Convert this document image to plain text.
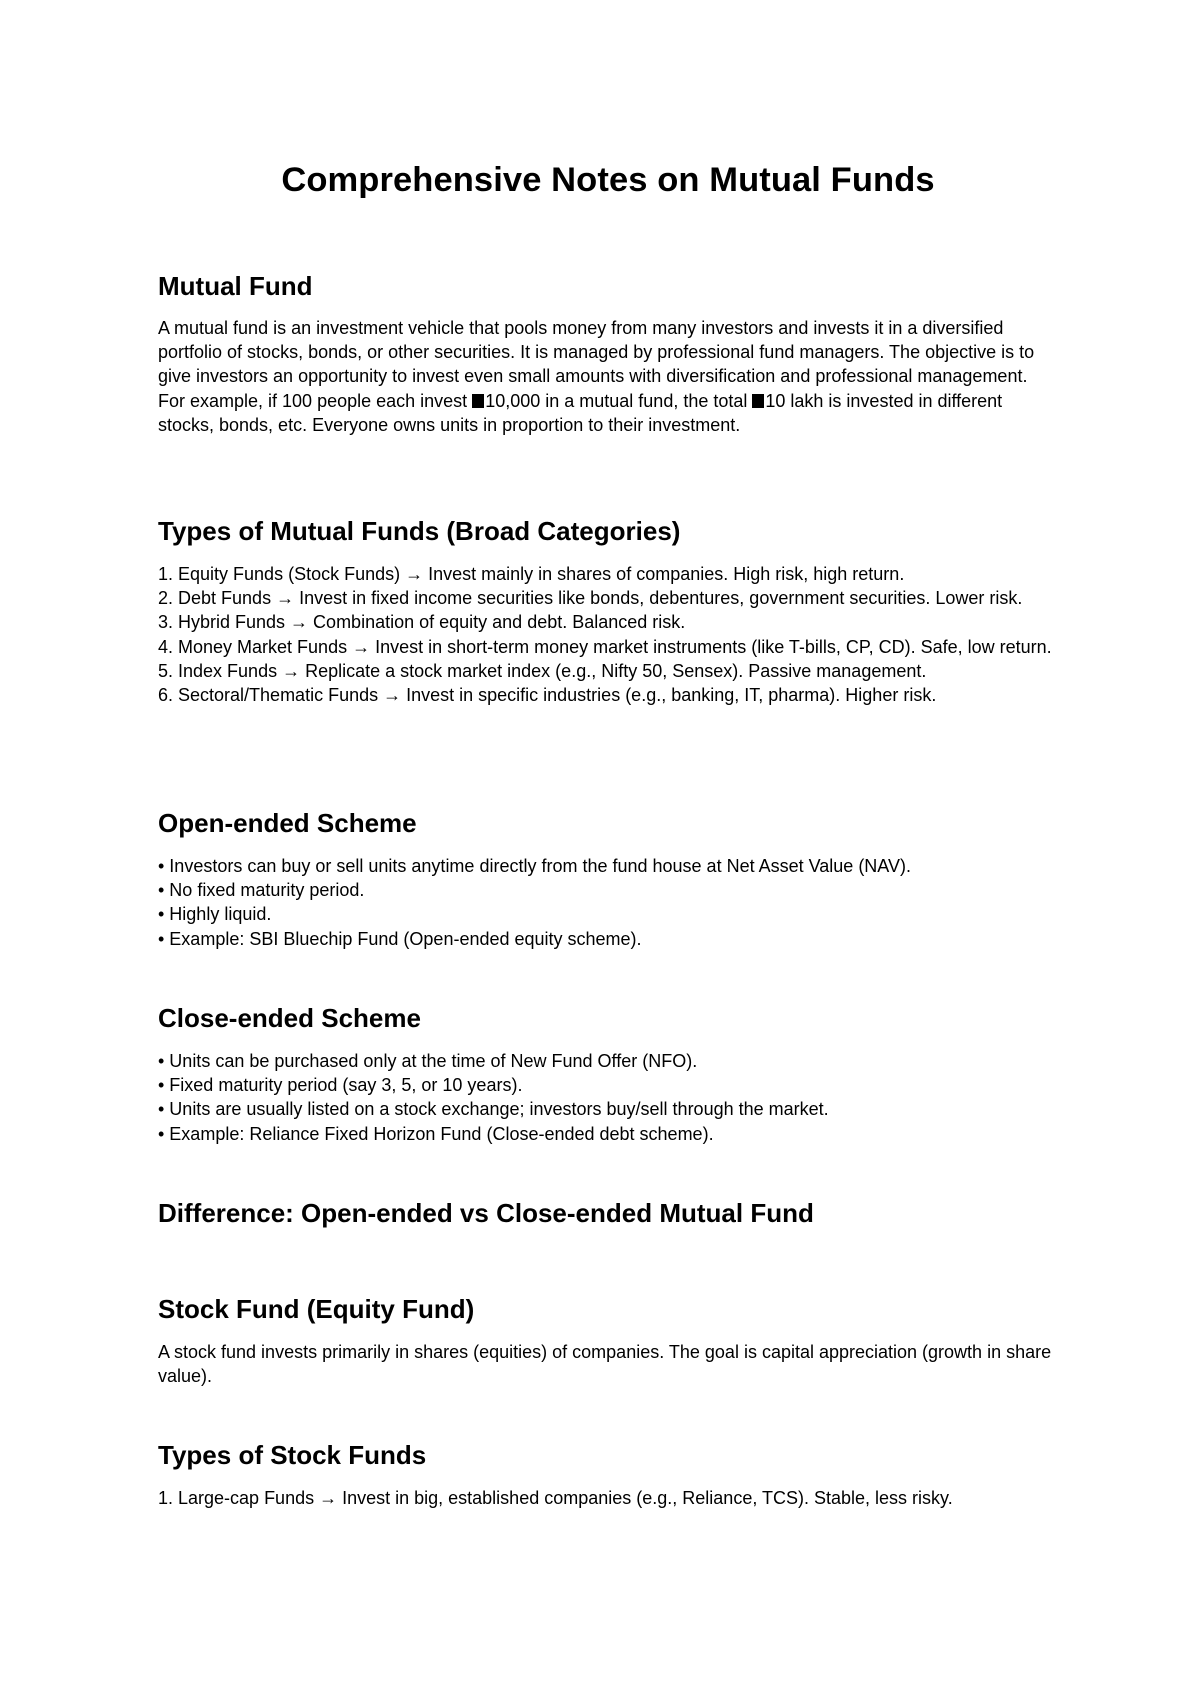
Comprehensive Notes on Mutual Funds
Mutual Fund

A mutual fund is an investment vehicle that pools money from many investors and invests it in a diversified portfolio of stocks, bonds, or other securities. It is managed by professional fund managers. The objective is to give investors an opportunity to invest even small amounts with diversification and professional management. For example, if 100 people each invest 10,000 in a mutual fund, the total 10 lakh is invested in different stocks, bonds, etc. Everyone owns units in proportion to their investment.

Types of Mutual Funds (Broad Categories)
1. Equity Funds (Stock Funds) → Invest mainly in shares of companies. High risk, high return.
2. Debt Funds → Invest in fixed income securities like bonds, debentures, government securities. Lower risk.
3. Hybrid Funds → Combination of equity and debt. Balanced risk.
4. Money Market Funds → Invest in short-term money market instruments (like T-bills, CP, CD). Safe, low return.
5. Index Funds → Replicate a stock market index (e.g., Nifty 50, Sensex). Passive management.
6. Sectoral/Thematic Funds → Invest in specific industries (e.g., banking, IT, pharma). Higher risk.
Open-ended Scheme
• Investors can buy or sell units anytime directly from the fund house at Net Asset Value (NAV).
• No fixed maturity period.
• Highly liquid.
• Example: SBI Bluechip Fund (Open-ended equity scheme).
Close-ended Scheme
• Units can be purchased only at the time of New Fund Offer (NFO).
• Fixed maturity period (say 3, 5, or 10 years).
• Units are usually listed on a stock exchange; investors buy/sell through the market.
• Example: Reliance Fixed Horizon Fund (Close-ended debt scheme).
Difference: Open-ended vs Close-ended Mutual Fund
Stock Fund (Equity Fund)

A stock fund invests primarily in shares (equities) of companies. The goal is capital appreciation (growth in share value).

Types of Stock Funds
1. Large-cap Funds → Invest in big, established companies (e.g., Reliance, TCS). Stable, less risky.
